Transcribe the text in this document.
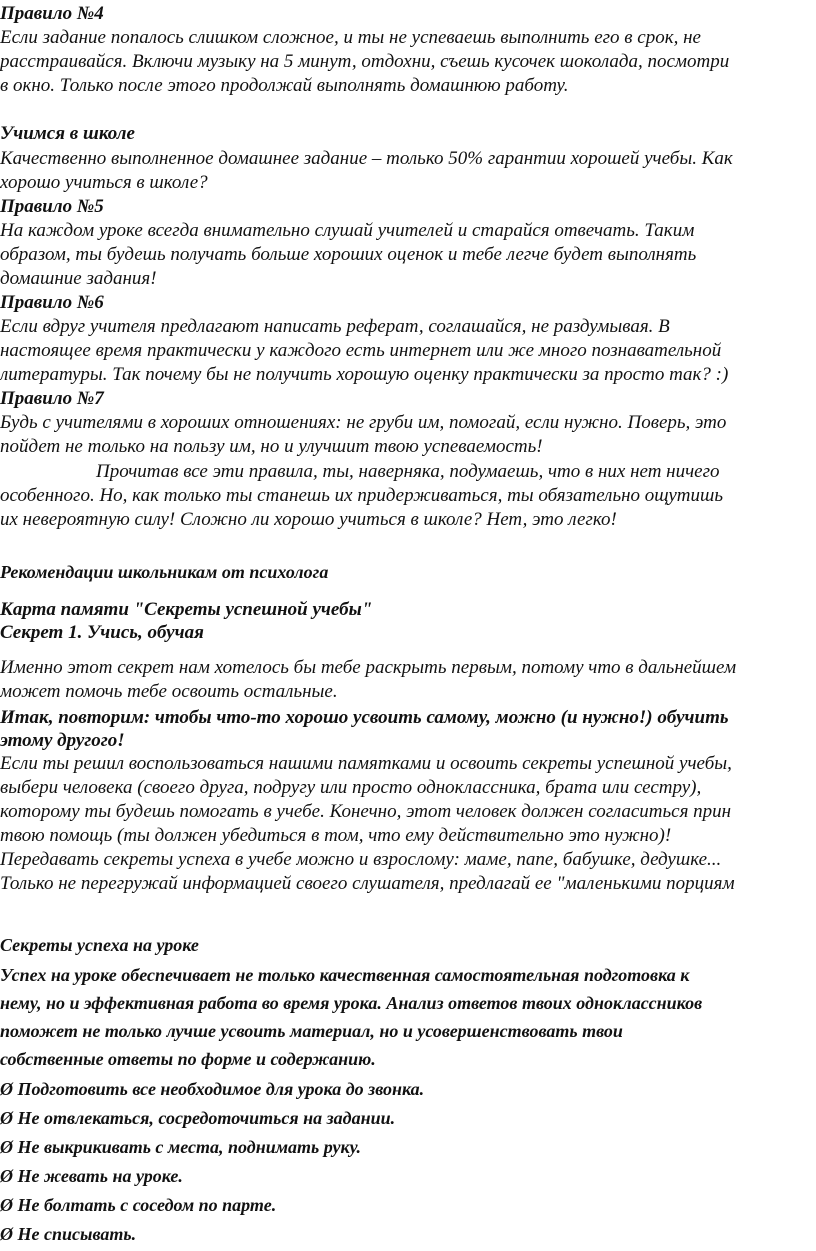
Правило №4
Если задание попалось слишком сложное, и ты не успеваешь выполнить его в срок, не
расстраивайся. Включи музыку на 5 минут, отдохни, съешь кусочек шоколада, посмотри
в окно. Только после этого продолжай выполнять домашнюю работу.
Учимся в школе
Качественно выполненное домашнее задание – только 50% гарантии хорошей учебы. Как
хорошо учиться в школе?
Правило №5
На каждом уроке всегда внимательно слушай учителей и старайся отвечать. Таким
образом, ты будешь получать больше хороших оценок и тебе легче будет выполнять
домашние задания!
Правило №6
Если вдруг учителя предлагают написать реферат, соглашайся, не раздумывая. В
настоящее время практически у каждого есть интернет или же много познавательной
литературы. Так почему бы не получить хорошую оценку практически за просто так? :)
Правило №7
Будь с учителями в хороших отношениях: не груби им, помогай, если нужно. Поверь, это
пойдет не только на пользу им, но и улучшит твою успеваемость!
Прочитав все эти правила, ты, наверняка, подумаешь, что в них нет ничего
особенного. Но, как только ты станешь их придерживаться, ты обязательно ощутишь
их невероятную силу! Сложно ли хорошо учиться в школе? Нет, это легко!
Рекомендации школьникам от психолога
Карта памяти "Секреты успешной учебы"
Секрет 1. Учись, обучая
Именно этот секрет нам хотелось бы тебе раскрыть первым, потому что в дальнейшем
может помочь тебе освоить остальные.
Итак, повторим: чтобы что-то хорошо усвоить самому, можно (и нужно!) обучить
этому другого!
Если ты решил воспользоваться нашими памятками и освоить секреты успешной учебы,
выбери человека (своего друга, подругу или просто одноклассника, брата или сестру),
которому ты будешь помогать в учебе. Конечно, этот человек должен согласиться прин
твою помощь (ты должен убедиться в том, что ему действительно это нужно)!
Передавать секреты успеха в учебе можно и взрослому: маме, папе, бабушке, дедушке...
Только не перегружай информацией своего слушателя, предлагай ее "маленькими порциям
Секреты успеха на уроке
Успех на уроке обеспечивает не только качественная самостоятельная подготовка к
нему, но и эффективная работа во время урока. Анализ ответов твоих одноклассников
поможет не только лучше усвоить материал, но и усовершенствовать твои
собственные ответы по форме и содержанию.
Ø Подготовить все необходимое для урока до звонка.
Ø Не отвлекаться, сосредоточиться на задании.
Ø Не выкрикивать с места, поднимать руку.
Ø Не жевать на уроке.
Ø Не болтать с соседом по парте.
Ø Не списывать.
